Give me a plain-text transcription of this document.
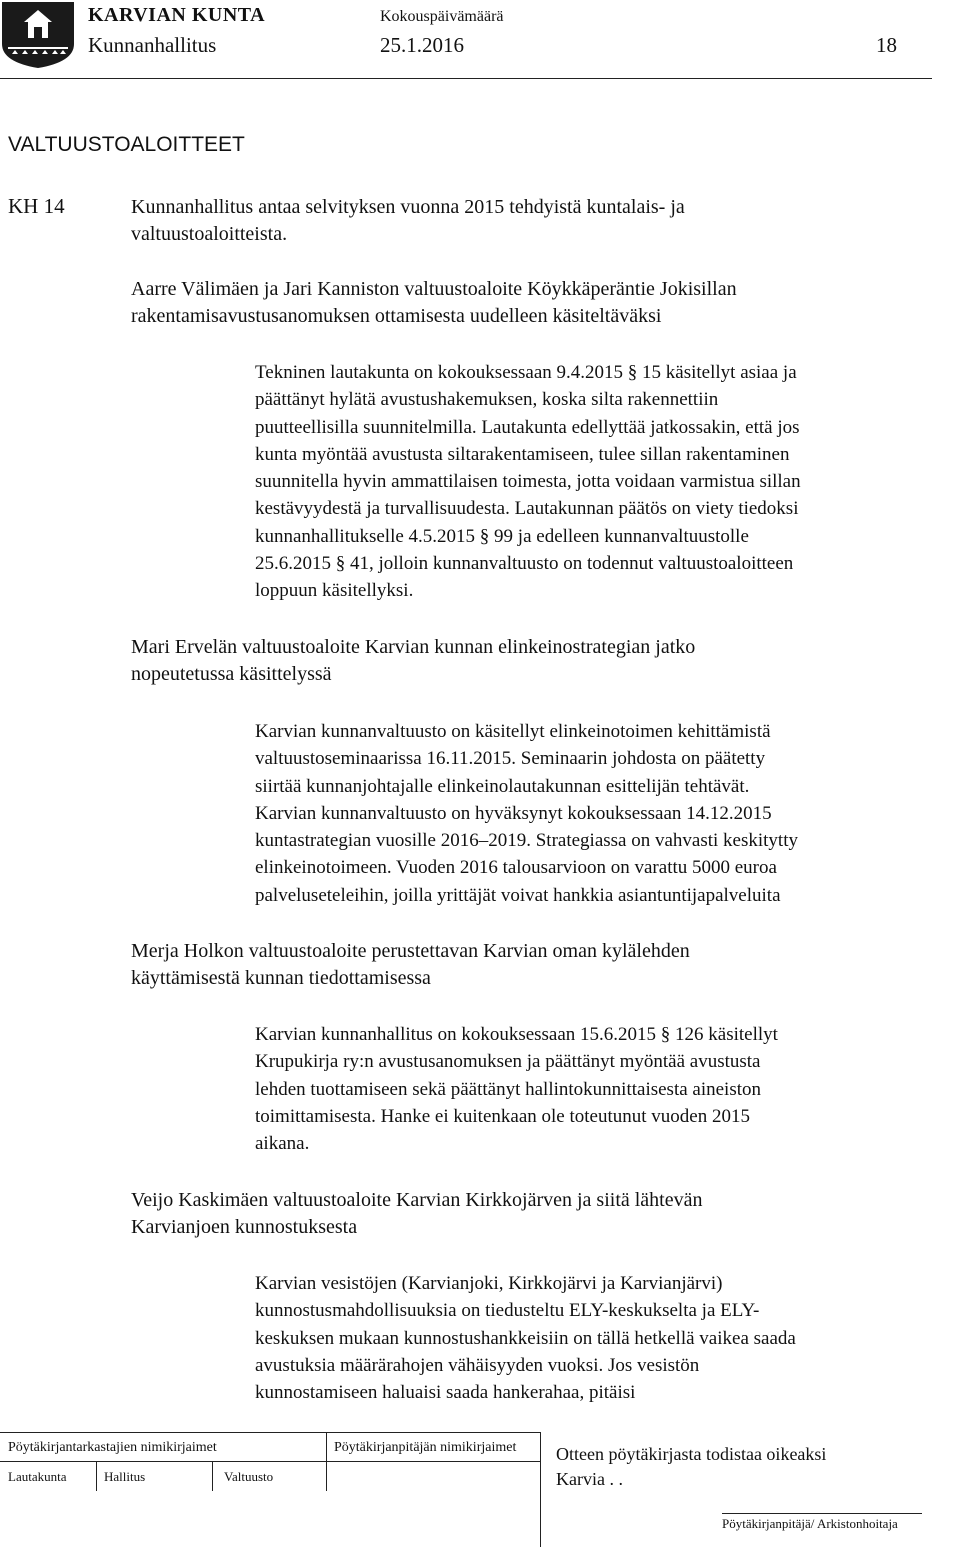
KARVIAN KUNTA	Kokouspäivämäärä
Kunnanhallitus	25.1.2016	18
VALTUUSTOALOITTEET
KH 14	Kunnanhallitus antaa selvityksen vuonna 2015 tehdyistä kuntalais- ja
valtuustoaloitteista.
Aarre Välimäen ja Jari Kanniston valtuustoaloite Köykkäperäntie Jokisillan
rakentamisavustusanomuksen ottamisesta uudelleen käsiteltäväksi
Tekninen lautakunta on kokouksessaan 9.4.2015 § 15 käsitellyt asiaa ja
päättänyt hylätä avustushakemuksen, koska silta rakennettiin
puutteellisilla suunnitelmilla. Lautakunta edellyttää jatkossakin, että jos
kunta myöntää avustusta siltarakentamiseen, tulee sillan rakentaminen
suunnitella hyvin ammattilaisen toimesta, jotta voidaan varmistua sillan
kestävyydestä ja turvallisuudesta. Lautakunnan päätös on viety tiedoksi
kunnanhallitukselle 4.5.2015 § 99 ja edelleen kunnanvaltuustolle
25.6.2015 § 41, jolloin kunnanvaltuusto on todennut valtuustoaloitteen
loppuun käsitellyksi.
Mari Ervelän valtuustoaloite Karvian kunnan elinkeinostrategian jatko
nopeutetussa käsittelyssä
Karvian kunnanvaltuusto on käsitellyt elinkeinotoimen kehittämistä
valtuustoseminaarissa 16.11.2015. Seminaarin johdosta on päätetty
siirtää kunnanjohtajalle elinkeinolautakunnan esittelijän tehtävät.
Karvian kunnanvaltuusto on hyväksynyt kokouksessaan 14.12.2015
kuntastrategian vuosille 2016–2019. Strategiassa on vahvasti keskitytty
elinkeinotoimeen. Vuoden 2016 talousarvioon on varattu 5000 euroa
palveluseteleihin, joilla yrittäjät voivat hankkia asiantuntijapalveluita
Merja Holkon valtuustoaloite perustettavan Karvian oman kylälehden
käyttämisestä kunnan tiedottamisessa
Karvian kunnanhallitus on kokouksessaan 15.6.2015 § 126 käsitellyt
Krupukirja ry:n avustusanomuksen ja päättänyt myöntää avustusta
lehden tuottamiseen sekä päättänyt hallintokunnittaisesta aineiston
toimittamisesta. Hanke ei kuitenkaan ole toteutunut vuoden 2015
aikana.
Veijo Kaskimäen valtuustoaloite Karvian Kirkkojärven ja siitä lähtevän
Karvianjoen kunnostuksesta
Karvian vesistöjen (Karvianjoki, Kirkkojärvi ja Karvianjärvi)
kunnostusmahdollisuuksia on tiedusteltu ELY-keskukselta ja ELY-
keskuksen mukaan kunnostushankkeisiin on tällä hetkellä vaikea saada
avustuksia määrärahojen vähäisyyden vuoksi. Jos vesistön
kunnostamiseen haluaisi saada hankerahaa, pitäisi
Pöytäkirjantarkastajien nimikirjaimet	Pöytäkirjanpitäjän nimikirjaimet
Lautakunta	Hallitus	Valtuusto
Otteen pöytäkirjasta todistaa oikeaksi
Karvia . .
Pöytäkirjanpitäjä/ Arkistonhoitaja
